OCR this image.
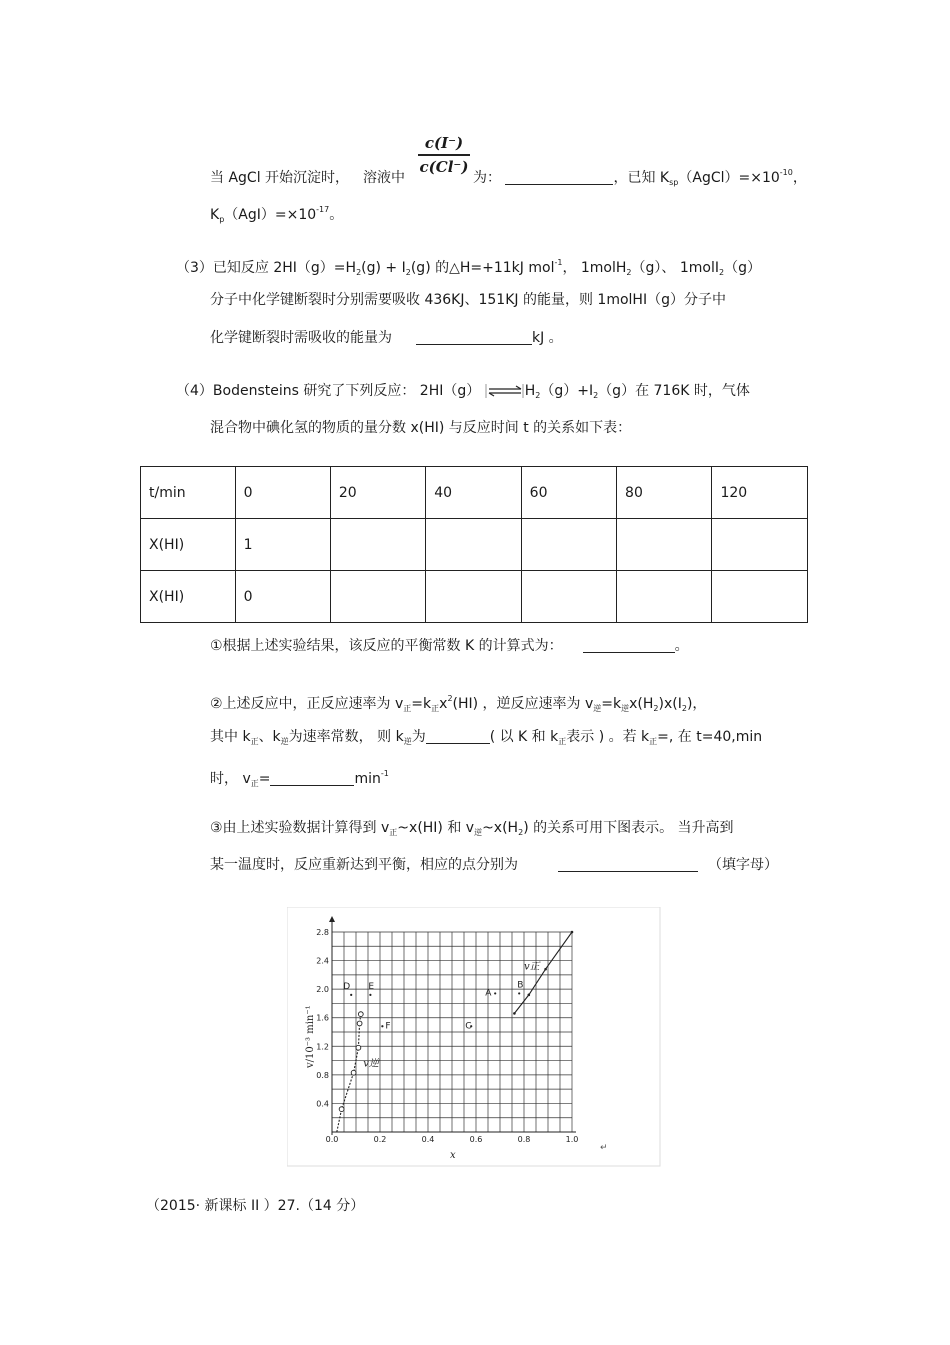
当 AgCl 开始沉淀时， 溶液中	为：	，已知 $K_{sp}(AgCl)=\times 10^{-10}$，
c(I⁻)
c(Cl⁻)
$K_p(AgI)=\times 10^{-17}$。
（3）已知反应 $2HI(g)=H_2(g) + I_2(g)$ 的△H=+11kJ mol$^{-1}$， 1molH$_2$（g）、 1molI$_2$（g）
分子中化学键断裂时分别需要吸收 436KJ、151KJ 的能量，则 1molHI（g）分子中
化学键断裂时需吸收的能量为	kJ 。
（4）Bodensteins 研究了下列反应： 2HI（g） $\rightleftharpoons H_2(g)+I_2(g)$在 716K 时，气体
混合物中碘化氢的物质的量分数 x(HI) 与反应时间 t 的关系如下表：
t/min	0	20	40	60	80	120
X(HI)	1					
X(HI)	0					
①根据上述实验结果，该反应的平衡常数 K 的计算式为：	。
②上述反应中，正反应速率为 $v_正=k_正x^2(HI)$ ，逆反应速率为 $v_逆=k_逆x(H_2)x(I_2)$，
其中 $k_正$、$k_逆$为速率常数， 则 $k_逆$为	( 以 K 和 $k_正$表示 ) 。若 $k_正=$, 在 t=40,min
时， $v_正=$	$\min^{-1}$
③由上述实验数据计算得到 $v_正\sim x(HI)$ 和 $v_逆\sim x(H_2)$ 的关系可用下图表示。 当升高到
某一温度时，反应重新达到平衡，相应的点分别为	（填字母）
0.0	0.2	0.4	0.6	0.8	1.0
0.4
0.8
1.2
1.6
2.0
2.4
2.8
x
v/10⁻³ min⁻¹
↵
v正
v逆
A
B
C
D E
F
（2015· 新课标 II ）27.（14 分）
